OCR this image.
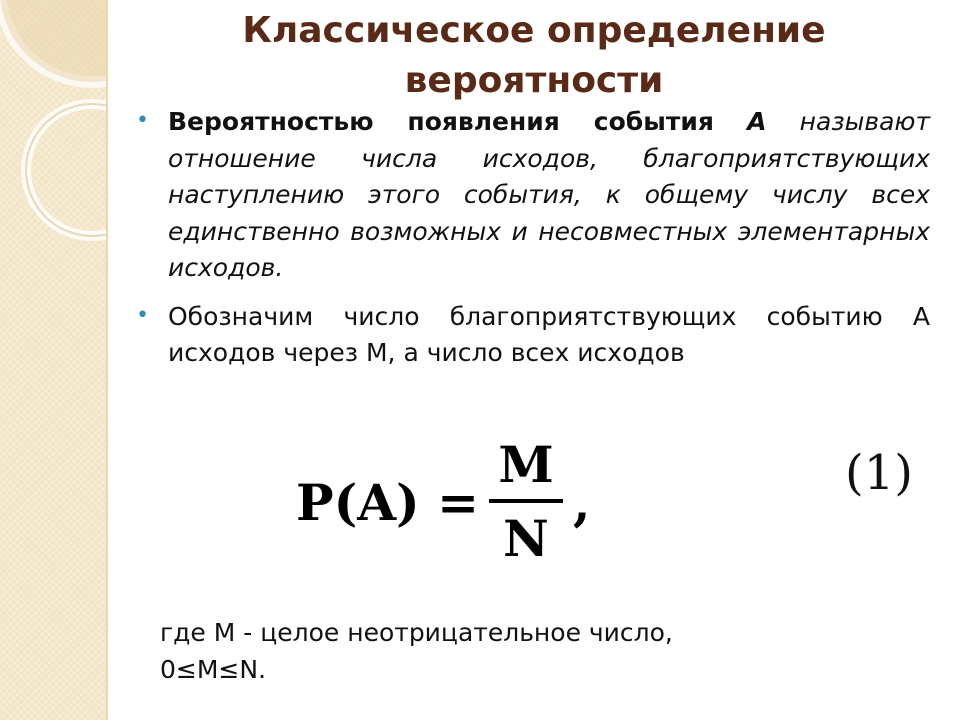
Классическое определение вероятности
• Вероятностью появления события А называют отношение числа исходов, благоприятствующих наступлению этого события, к общему числу всех единственно возможных и несовместных элементарных исходов.
• Обозначим число благоприятствующих событию А исходов через М, а число всех исходов
P(A) =
M
N
,	(1)
где М - целое неотрицательное число,
0≤M≤N.
